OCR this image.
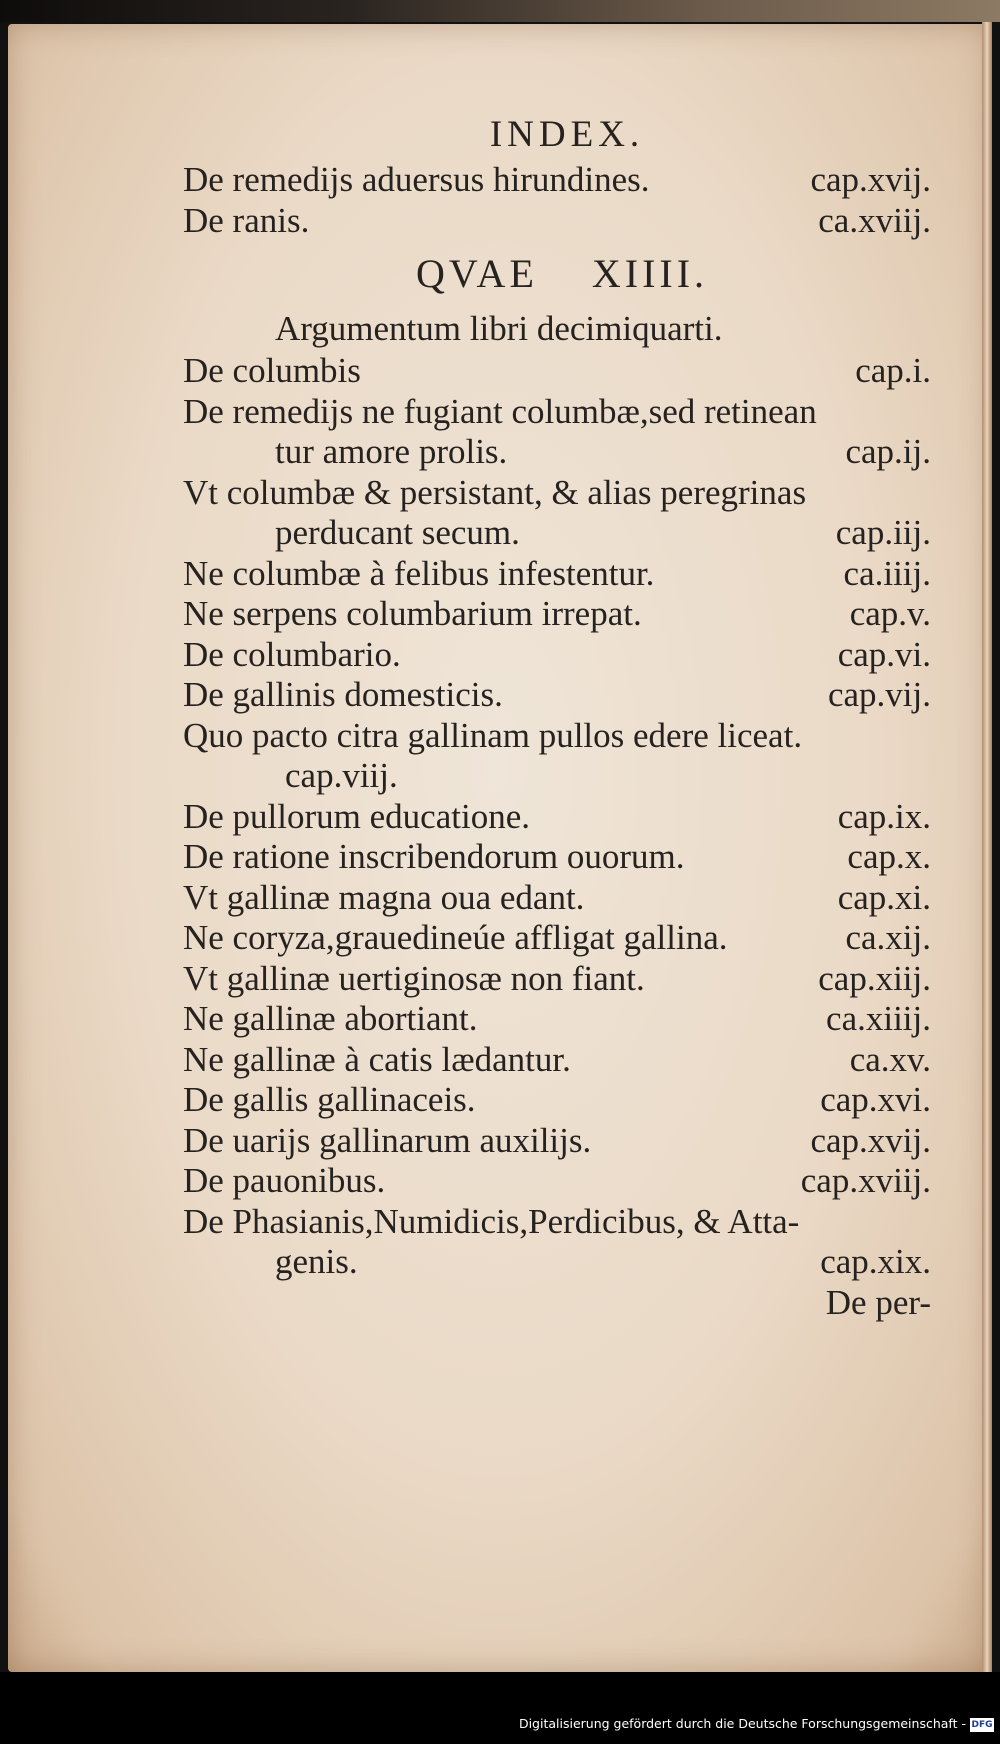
INDEX.
De remedijs aduersus hirundines.	cap.xvij.
De ranis.	ca.xviij.
QVAE XIIII.
Argumentum libri decimiquarti.
De columbis	cap.i.
De remedijs ne fugiant columbæ,sed retinean
tur amore prolis.	cap.ij.
Vt columbæ & persistant, & alias peregrinas
perducant secum.	cap.iij.
Ne columbæ à felibus infestentur.	ca.iiij.
Ne serpens columbarium irrepat.	cap.v.
De columbario.	cap.vi.
De gallinis domesticis.	cap.vij.
Quo pacto citra gallinam pullos edere liceat.
cap.viij.
De pullorum educatione.	cap.ix.
De ratione inscribendorum ouorum.	cap.x.
Vt gallinæ magna oua edant.	cap.xi.
Ne coryza,grauedineúe affligat gallina.	ca.xij.
Vt gallinæ uertiginosæ non fiant.	cap.xiij.
Ne gallinæ abortiant.	ca.xiiij.
Ne gallinæ à catis lædantur.	ca.xv.
De gallis gallinaceis.	cap.xvi.
De uarijs gallinarum auxilijs.	cap.xvij.
De pauonibus.	cap.xviij.
De Phasianis,Numidicis,Perdicibus, & Atta-
genis.	cap.xix.
De per-
Digitalisierung gefördert durch die Deutsche Forschungsgemeinschaft - DFG
